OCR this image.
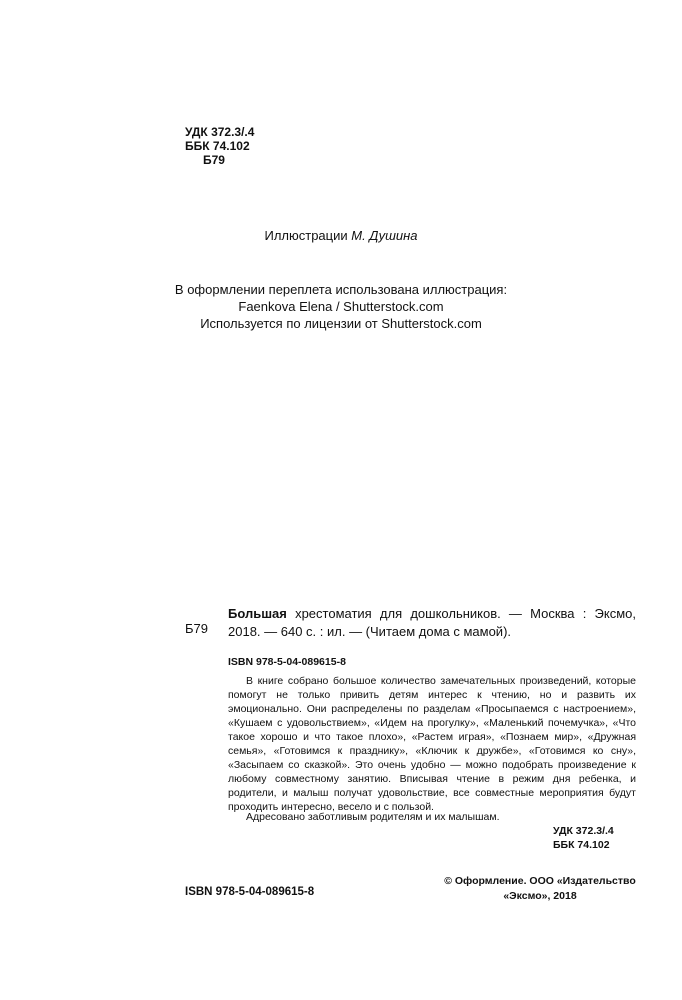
УДК 372.3/.4
ББК 74.102
Б79
Иллюстрации М. Душина
В оформлении переплета использована иллюстрация:
Faenkova Elena / Shutterstock.com
Используется по лицензии от Shutterstock.com
Б79
Большая хрестоматия для дошкольников. — Москва : Эксмо, 2018. — 640 с. : ил. — (Читаем дома с мамой).
ISBN 978-5-04-089615-8

В книге собрано большое количество замечательных произведений, которые помогут не только привить детям интерес к чтению, но и развить их эмоционально. Они распределены по разделам «Просыпаемся с настроением», «Кушаем с удовольствием», «Идем на прогулку», «Маленький почемучка», «Что такое хорошо и что такое плохо», «Растем играя», «Познаем мир», «Дружная семья», «Готовимся к празднику», «Ключик к дружбе», «Готовимся ко сну», «Засыпаем со сказкой». Это очень удобно — можно подобрать произведение к любому совместному занятию. Вписывая чтение в режим дня ребенка, и родители, и малыш получат удовольствие, все совместные мероприятия будут проходить интересно, весело и с пользой.

Адресовано заботливым родителям и их малышам.
УДК 372.3/.4
ББК 74.102
ISBN 978-5-04-089615-8
© Оформление. ООО «Издательство
«Эксмо», 2018
